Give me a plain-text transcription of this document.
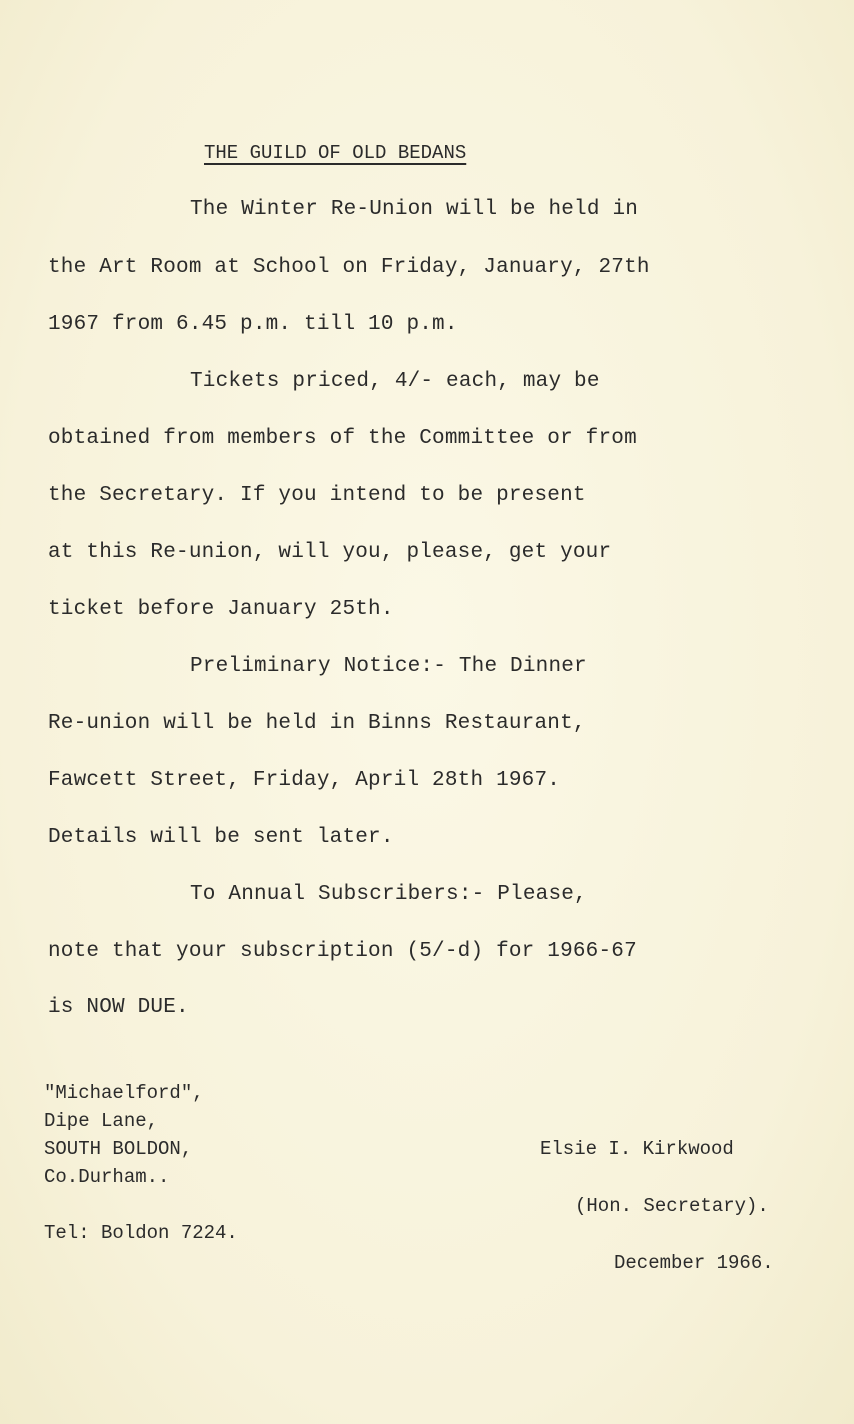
THE GUILD OF OLD BEDANS
The Winter Re-Union will be held in
the Art Room at School on Friday, January, 27th
1967 from 6.45 p.m. till 10 p.m.
Tickets priced, 4/- each, may be
obtained from members of the Committee or from
the Secretary. If you intend to be present
at this Re-union, will you, please, get your
ticket before January 25th.
Preliminary Notice:- The Dinner
Re-union will be held in Binns Restaurant,
Fawcett Street, Friday, April 28th 1967.
Details will be sent later.
To Annual Subscribers:- Please,
note that your subscription (5/-d) for 1966-67
is NOW DUE.
"Michaelford",
Dipe Lane,
SOUTH BOLDON,
Co.Durham..
Tel: Boldon 7224.
Elsie I. Kirkwood
(Hon. Secretary).
December 1966.
